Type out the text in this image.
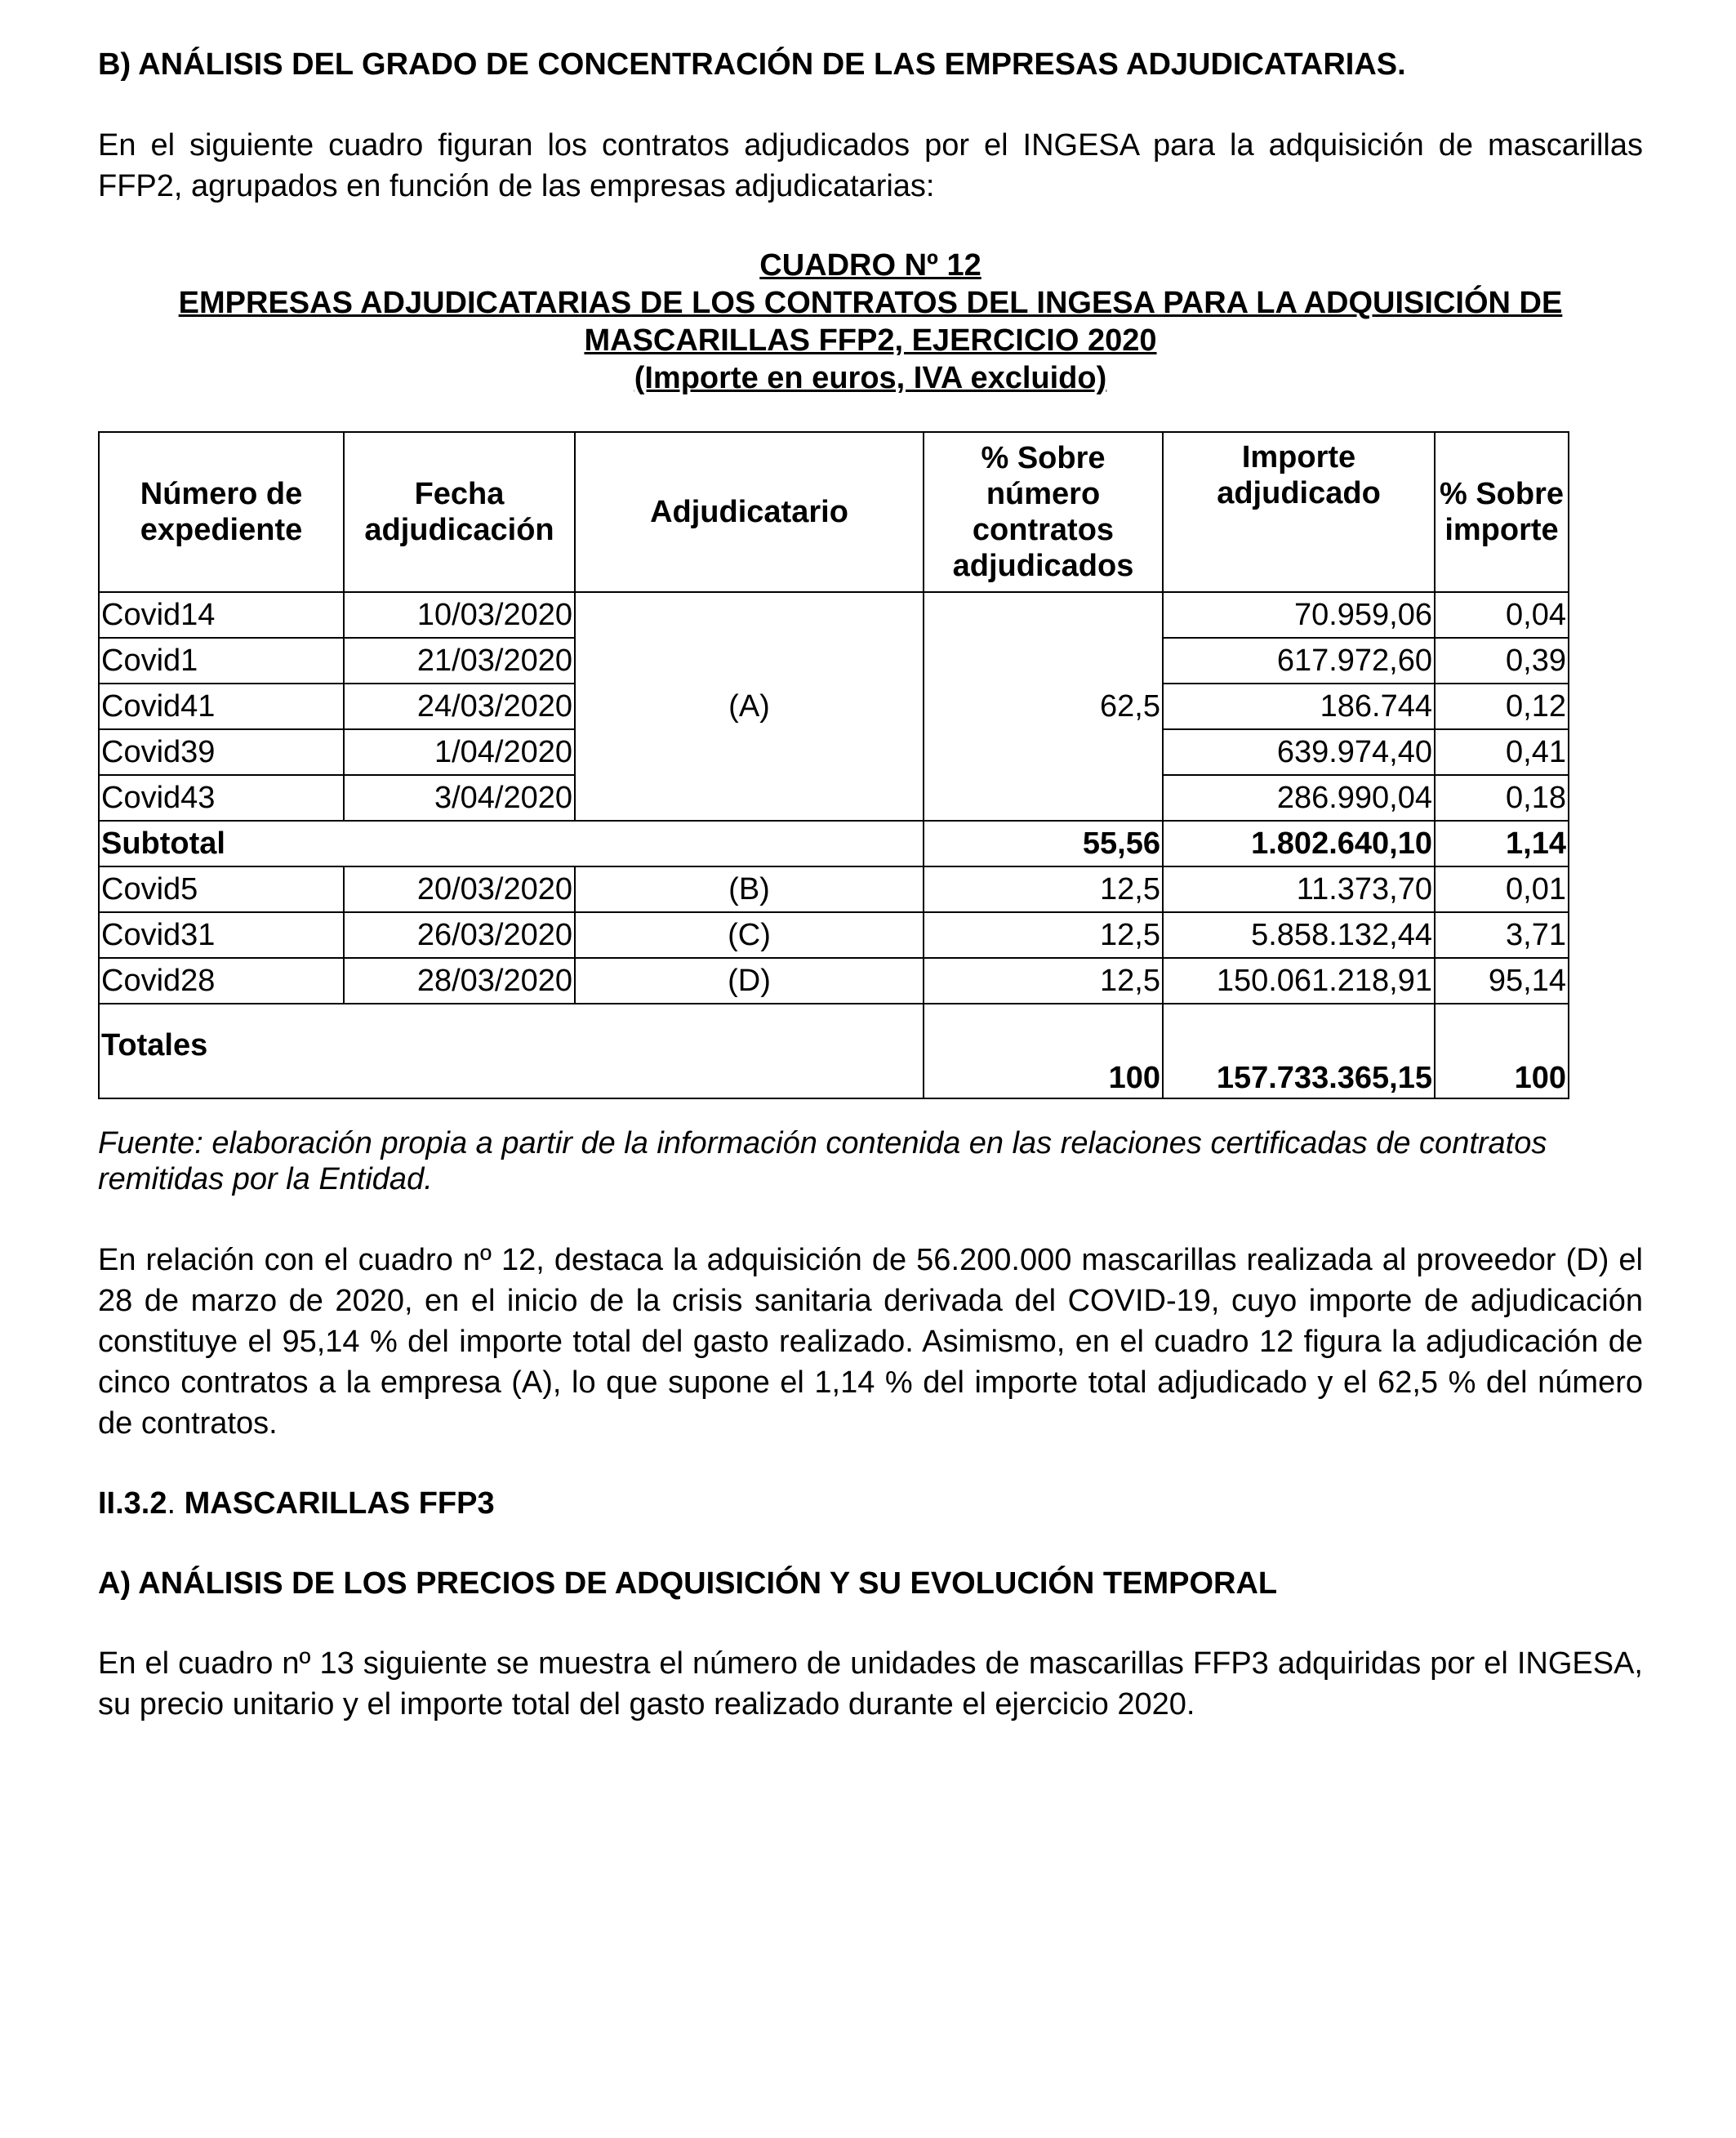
B) ANÁLISIS DEL GRADO DE CONCENTRACIÓN DE LAS EMPRESAS ADJUDICATARIAS.

En el siguiente cuadro figuran los contratos adjudicados por el INGESA para la adquisición de mascarillas FFP2, agrupados en función de las empresas adjudicatarias:

CUADRO Nº 12
EMPRESAS ADJUDICATARIAS DE LOS CONTRATOS DEL INGESA PARA LA ADQUISICIÓN DE
MASCARILLAS FFP2, EJERCICIO 2020
(Importe en euros, IVA excluido)
Número de expediente	Fecha adjudicación	Adjudicatario	% Sobre número contratos adjudicados	Importe adjudicado	% Sobre importe
Covid14	10/03/2020	(A)	62,5	70.959,06	0,04
Covid1	21/03/2020			617.972,60	0,39
Covid41	24/03/2020			186.744	0,12
Covid39	1/04/2020			639.974,40	0,41
Covid43	3/04/2020			286.990,04	0,18
Subtotal			55,56	1.802.640,10	1,14
Covid5	20/03/2020	(B)	12,5	11.373,70	0,01
Covid31	26/03/2020	(C)	12,5	5.858.132,44	3,71
Covid28	28/03/2020	(D)	12,5	150.061.218,91	95,14
Totales			100	157.733.365,15	100

Fuente: elaboración propia a partir de la información contenida en las relaciones certificadas de contratos remitidas por la Entidad.

En relación con el cuadro nº 12, destaca la adquisición de 56.200.000 mascarillas realizada al proveedor (D) el 28 de marzo de 2020, en el inicio de la crisis sanitaria derivada del COVID-19, cuyo importe de adjudicación constituye el 95,14 % del importe total del gasto realizado. Asimismo, en el cuadro 12 figura la adjudicación de cinco contratos a la empresa (A), lo que supone el 1,14 % del importe total adjudicado y el 62,5 % del número de contratos.

II.3.2. MASCARILLAS FFP3

A) ANÁLISIS DE LOS PRECIOS DE ADQUISICIÓN Y SU EVOLUCIÓN TEMPORAL

En el cuadro nº 13 siguiente se muestra el número de unidades de mascarillas FFP3 adquiridas por el INGESA, su precio unitario y el importe total del gasto realizado durante el ejercicio 2020.
